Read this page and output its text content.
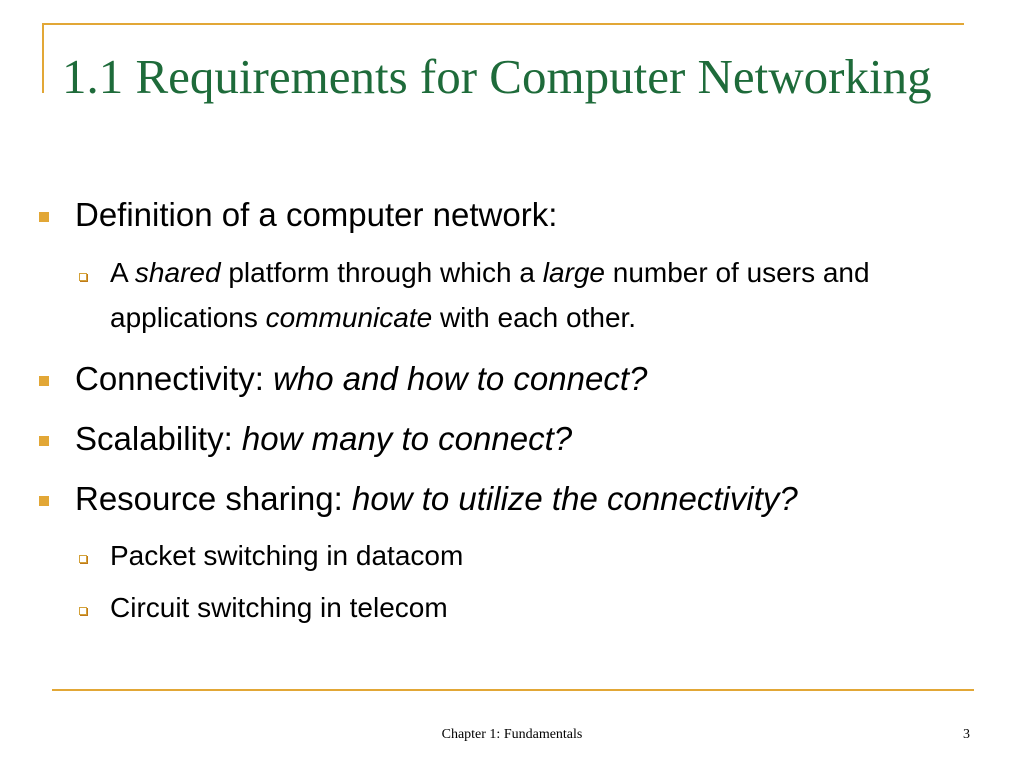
1.1 Requirements for Computer Networking

Definition of a computer network:

A shared platform through which a large number of users and applications communicate with each other.

Connectivity: who and how to connect?

Scalability: how many to connect?

Resource sharing: how to utilize the connectivity?

Packet switching in datacom

Circuit switching in telecom

Chapter 1: Fundamentals	3
